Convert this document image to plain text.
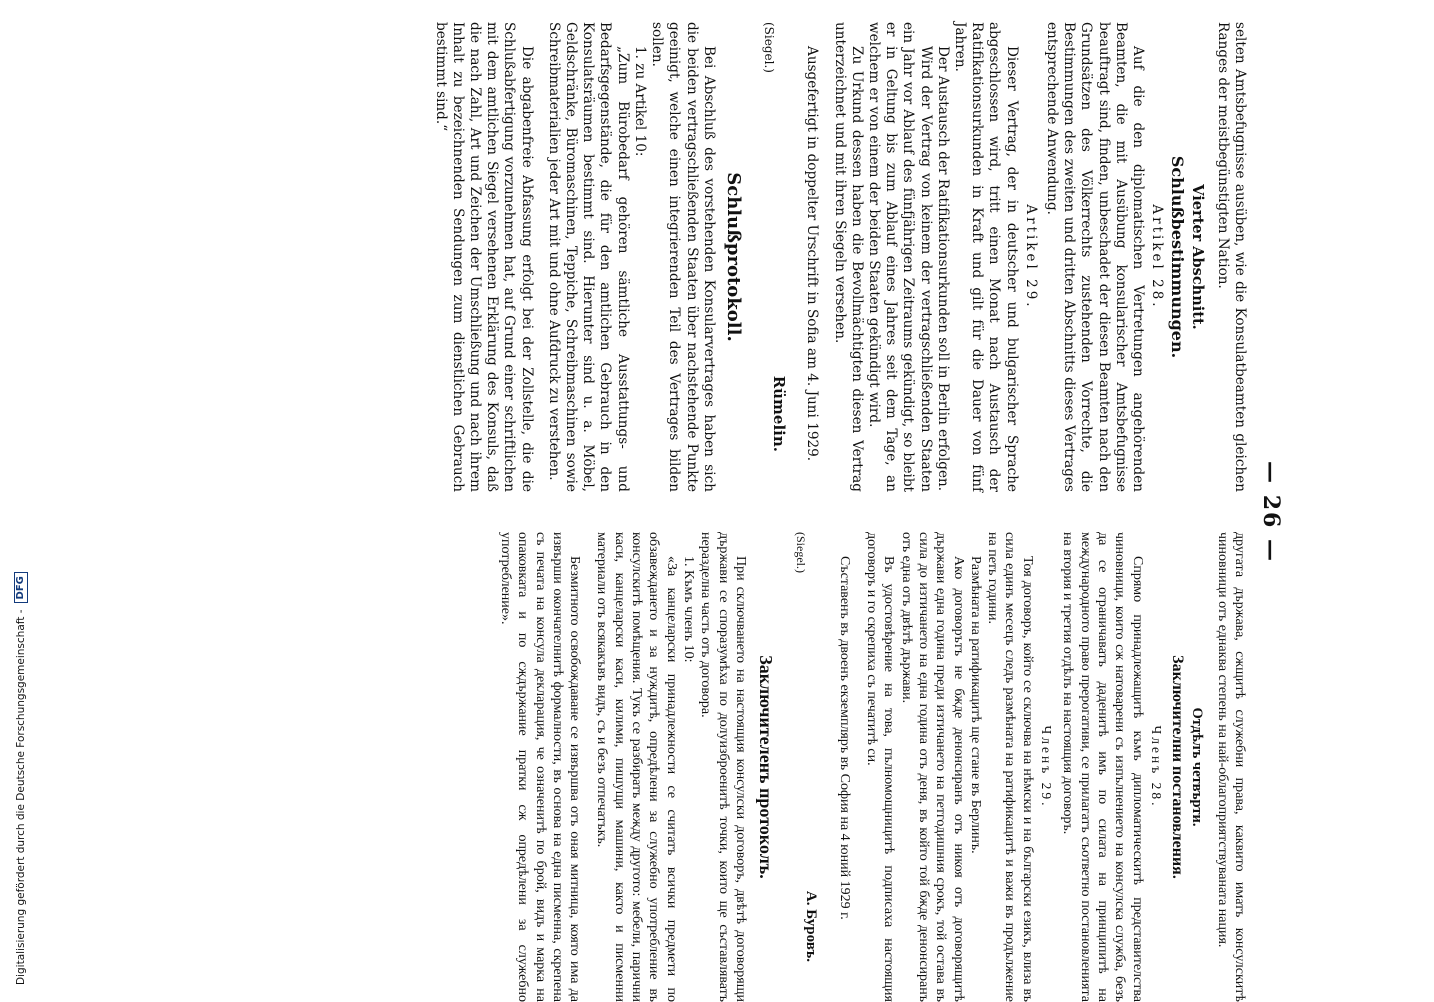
— 26 —

selten Amtsbefugnisse ausüben, wie die Konsulatbeamten gleichen Ranges der meistbegünstigten Nation.

Vierter Abschnitt.
Schlußbestimmungen.
Artikel 28.

Auf die den diplomatischen Vertretungen angehörenden Beamten, die mit Ausübung konsularischer Amtsbefugnisse beauftragt sind, finden, unbeschadet der diesen Beamten nach den Grundsätzen des Völkerrechts zustehenden Vorrechte, die Bestimmungen des zweiten und dritten Abschnitts dieses Vertrages entsprechende Anwendung.

Artikel 29.

Dieser Vertrag, der in deutscher und bulgarischer Sprache abgeschlossen wird, tritt einen Monat nach Austausch der Ratifikationsurkunden in Kraft und gilt für die Dauer von fünf Jahren.

Der Austausch der Ratifikationsurkunden soll in Berlin erfolgen.

Wird der Vertrag von keinem der vertragschließenden Staaten ein Jahr vor Ablauf des fünfjährigen Zeitraums gekündigt, so bleibt er in Geltung bis zum Ablauf eines Jahres seit dem Tage, an welchem er von einem der beiden Staaten gekündigt wird.

Zu Urkund dessen haben die Bevollmächtigten diesen Vertrag unterzeichnet und mit ihren Siegeln versehen.

Ausgefertigt in doppelter Urschrift in Sofia am 4. Juni 1929.

(Siegel.)
Rümelin.
Schlußprotokoll.

Bei Abschluß des vorstehenden Konsularvertrages haben sich die beiden vertragschließenden Staaten über nachstehende Punkte geeinigt, welche einen integrierenden Teil des Vertrages bilden sollen.

1. zu Artikel 10:

„Zum Bürobedarf gehören sämtliche Ausstattungs- und Bedarfsgegenstände, die für den amtlichen Gebrauch in den Konsulatsräumen bestimmt sind. Hierunter sind u. a. Möbel, Geldschränke, Büromaschinen, Teppiche, Schreibmaschinen sowie Schreibmaterialien jeder Art mit und ohne Aufdruck zu verstehen.

Die abgabenfreie Abfassung erfolgt bei der Zollstelle, die die Schlußabfertigung vorzunehmen hat, auf Grund einer schriftlichen mit dem amtlichen Siegel versehenen Erklärung des Konsuls, daß die nach Zahl, Art und Zeichen der Umschließung und nach ihrem Inhalt zu bezeichnenden Sendungen zum dienstlichen Gebrauch bestimmt sind.“

другата държава, сжщитѣ служебни права, каквито иматъ консулскитѣ чиновници отъ еднаква степень на най-облагоприятствуваната нация.

Отдѣлъ четвърти.
Заключителни постановления.
Членъ 28.

Спрямо принадлежащитѣ къмъ дипломатическитѣ представителства чиновници, които сж натоварени съ изпълнението на консулска служба, безъ да се ограничаватъ даденитѣ имъ по силата на принципитѣ на международното право прерогативи, се прилагатъ съответно постановленията на втория и третия отдѣлъ на настоящия договоръ.

Членъ 29.

Тоя договоръ, който се сключва на нѣмски и на български езикъ, влиза въ сила единъ месецъ следъ размѣната на ратификацитѣ и важи въ продължение на петь години.

Размѣната на ратификацитѣ ще стане въ Берлинъ.

Ако договорътъ не бжде денонсиранъ отъ никоя отъ договорящитѣ държави една година преди изтичането на петгодишния срокъ, той остава въ сила до изтичането на една година отъ деня, въ който той бжде денонсиранъ отъ една отъ двѣтѣ държави.

Въ удостовѣрение на това, пълномощницитѣ подписаха настоящия договоръ и го скрепиха съ печатитѣ си.

Съставенъ въ двоенъ екземпляръ въ София на 4 юний 1929 г.

(Siegel.)
А. Буровъ.
Заключителенъ протоколъ.

При сключването на настоящия консулски договоръ, двѣтѣ договорящи държави се споразумѣха по долуизброенитѣ точки, които ще съставляватъ неразделна часть отъ договора.

1. Къмъ членъ 10:

«За канцеларски принадлежности се считатъ всички предмети по обзавеждането и за нуждитѣ, опредѣлени за служебно употребление въ консулскитѣ помѣщения. Тукъ се разбиратъ между другото: мебели, парични каси, канцеларски каси, килими, пишущи машини, както и писменни материали отъ всякакъвъ видъ, съ и безъ отпечатъкъ.

Безмитното освобождаване се извършва отъ оная митница, която има да извърши окончателнитѣ формалности, въ основа на една писменна, скрепена съ печата на консула декларация, че означенитѣ по брой, видъ и марка на опаковката и по сждържание пратки сж опредѣлени за служебно употребление».

Digitalisierung gefördert durch die Deutsche Forschungsgemeinschaft -
DFG
